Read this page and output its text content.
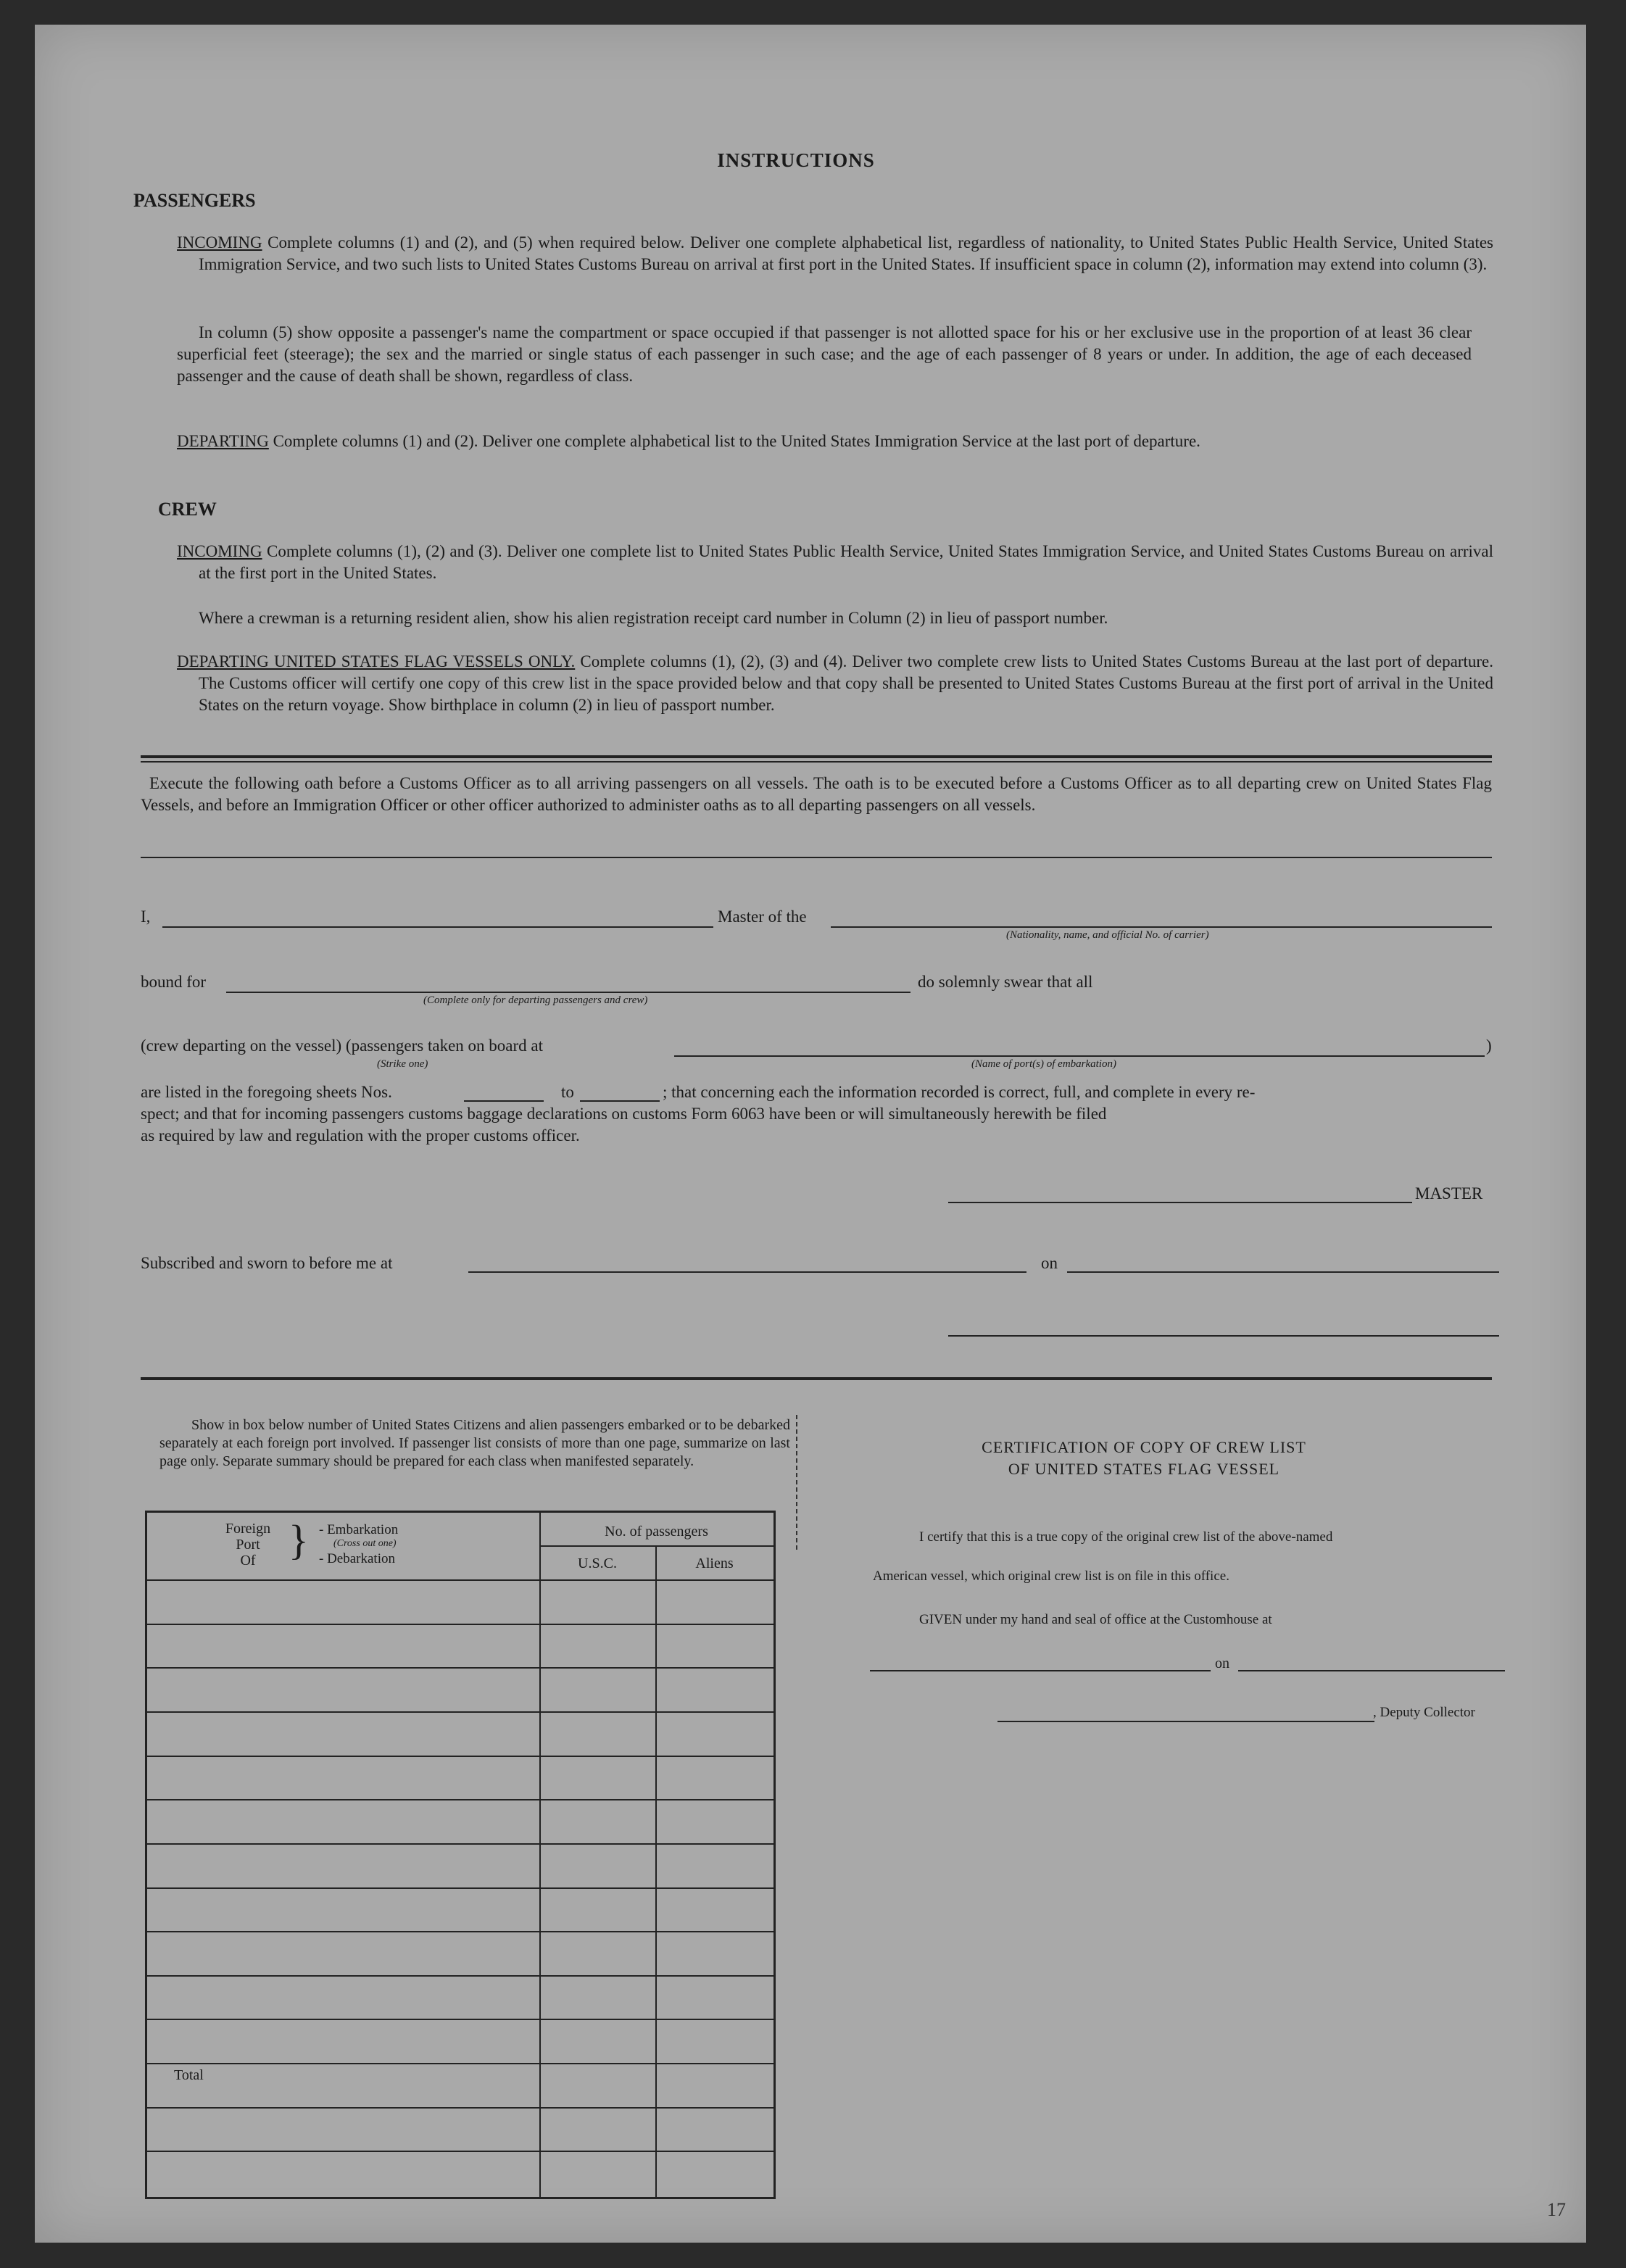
INSTRUCTIONS
PASSENGERS
INCOMING Complete columns (1) and (2), and (5) when required below. Deliver one complete alphabetical list, regardless of nationality, to United States Public Health Service, United States Immigration Service, and two such lists to United States Customs Bureau on arrival at first port in the United States. If insufficient space in column (2), information may extend into column (3).
In column (5) show opposite a passenger's name the compartment or space occupied if that passenger is not allotted space for his or her exclusive use in the proportion of at least 36 clear superficial feet (steerage); the sex and the married or single status of each passenger in such case; and the age of each passenger of 8 years or under. In addition, the age of each deceased passenger and the cause of death shall be shown, regardless of class.
DEPARTING Complete columns (1) and (2). Deliver one complete alphabetical list to the United States Immigration Service at the last port of departure.
CREW
INCOMING Complete columns (1), (2) and (3). Deliver one complete list to United States Public Health Service, United States Immigration Service, and United States Customs Bureau on arrival at the first port in the United States.
Where a crewman is a returning resident alien, show his alien registration receipt card number in Column (2) in lieu of passport number.
DEPARTING UNITED STATES FLAG VESSELS ONLY. Complete columns (1), (2), (3) and (4). Deliver two complete crew lists to United States Customs Bureau at the last port of departure. The Customs officer will certify one copy of this crew list in the space provided below and that copy shall be presented to United States Customs Bureau at the first port of arrival in the United States on the return voyage. Show birthplace in column (2) in lieu of passport number.
Execute the following oath before a Customs Officer as to all arriving passengers on all vessels. The oath is to be executed before a Customs Officer as to all departing crew on United States Flag Vessels, and before an Immigration Officer or other officer authorized to administer oaths as to all departing passengers on all vessels.
I,	Master of the
(Nationality, name, and official No. of carrier)
bound for
(Complete only for departing passengers and crew)
do solemnly swear that all
(crew departing on the vessel) (passengers taken on board at
(Strike one)	(Name of port(s) of embarkation)
)
are listed in the foregoing sheets Nos.	to	; that concerning each the information recorded is correct, full, and complete in every re-
spect; and that for incoming passengers customs baggage declarations on customs Form 6063 have been or will simultaneously herewith be filed
as required by law and regulation with the proper customs officer.
MASTER
Subscribed and sworn to before me at	on
Show in box below number of United States Citizens and alien passengers embarked or to be debarked separately at each foreign port involved. If passenger list consists of more than one page, summarize on last page only. Separate summary should be prepared for each class when manifested separately.
Foreign
Port
Of } - Embarkation
(Cross out one)
- Debarkation
No. of passengers
U.S.C.	Aliens
Total
CERTIFICATION OF COPY OF CREW LIST
OF UNITED STATES FLAG VESSEL
I certify that this is a true copy of the original crew list of the above-named
American vessel, which original crew list is on file in this office.
GIVEN under my hand and seal of office at the Customhouse at
on
, Deputy Collector
17
